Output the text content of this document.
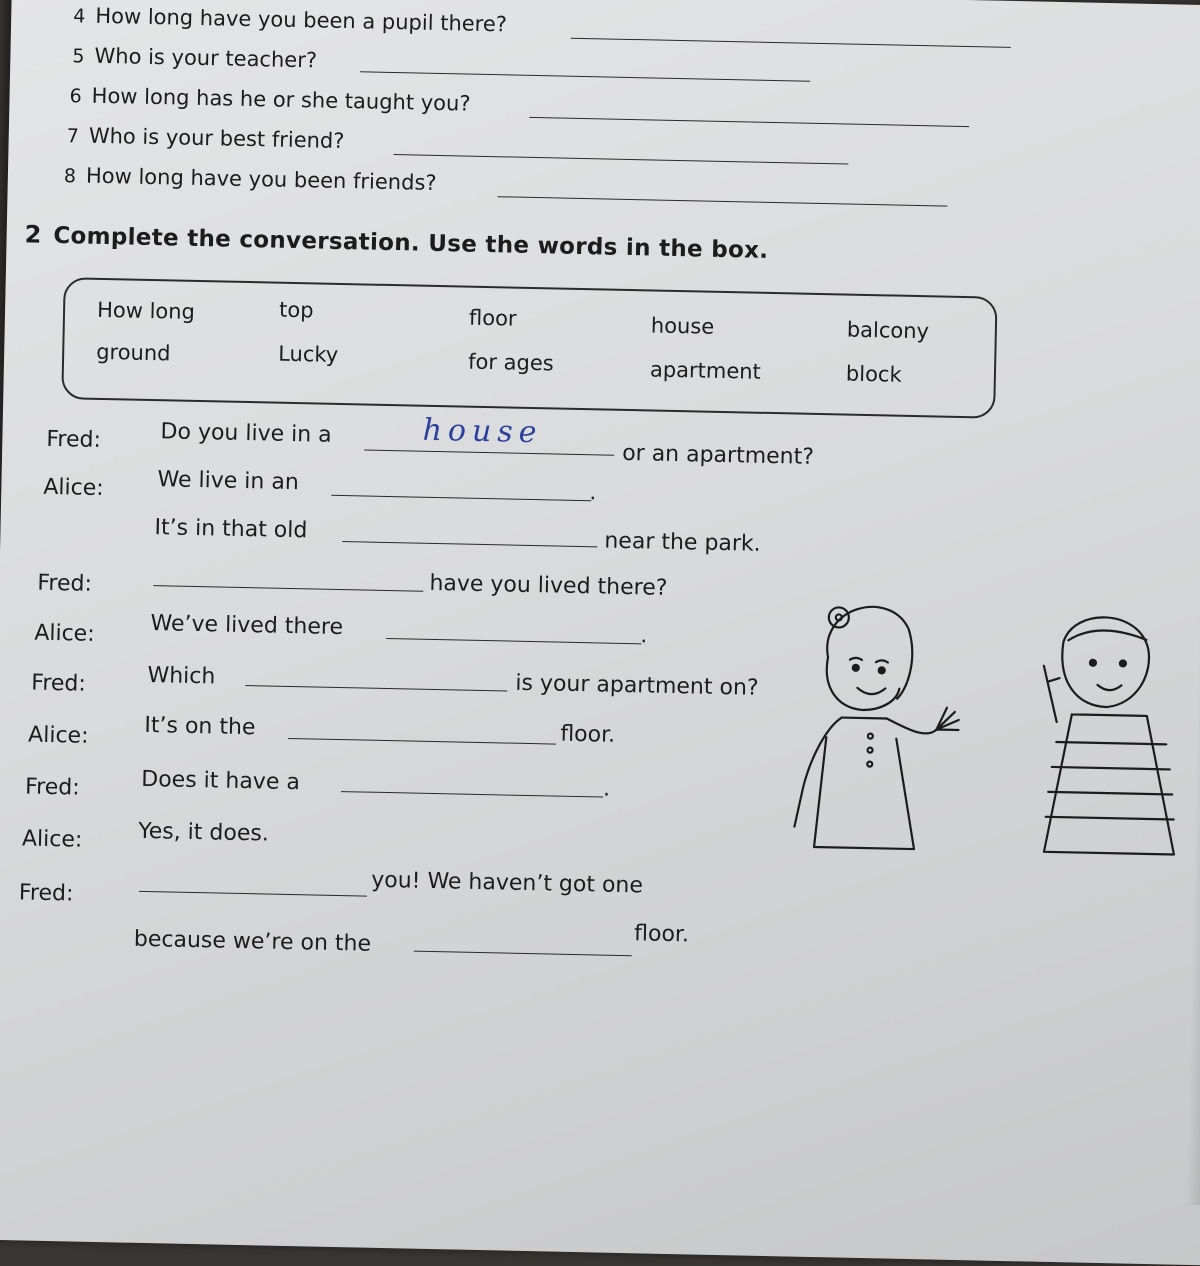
4 How long have you been a pupil there?
5 Who is your teacher?
6 How long has he or she taught you?
7 Who is your best friend?
8 How long have you been friends?
2 Complete the conversation. Use the words in the box.
How long	top	floor	house	balcony
ground	Lucky	for ages	apartment	block
Fred:	Do you live in a	house
or an apartment?
Alice: We live in an	.
It’s in that old	near the park.
Fred:	have you lived there?
Alice:	We’ve lived there	.
Fred:	Which	is your apartment on?
Alice:	It’s on the	floor.
Fred:	Does it have a	.
Alice:	Yes, it does.
Fred:	you! We haven’t got one
because we’re on the	floor.
